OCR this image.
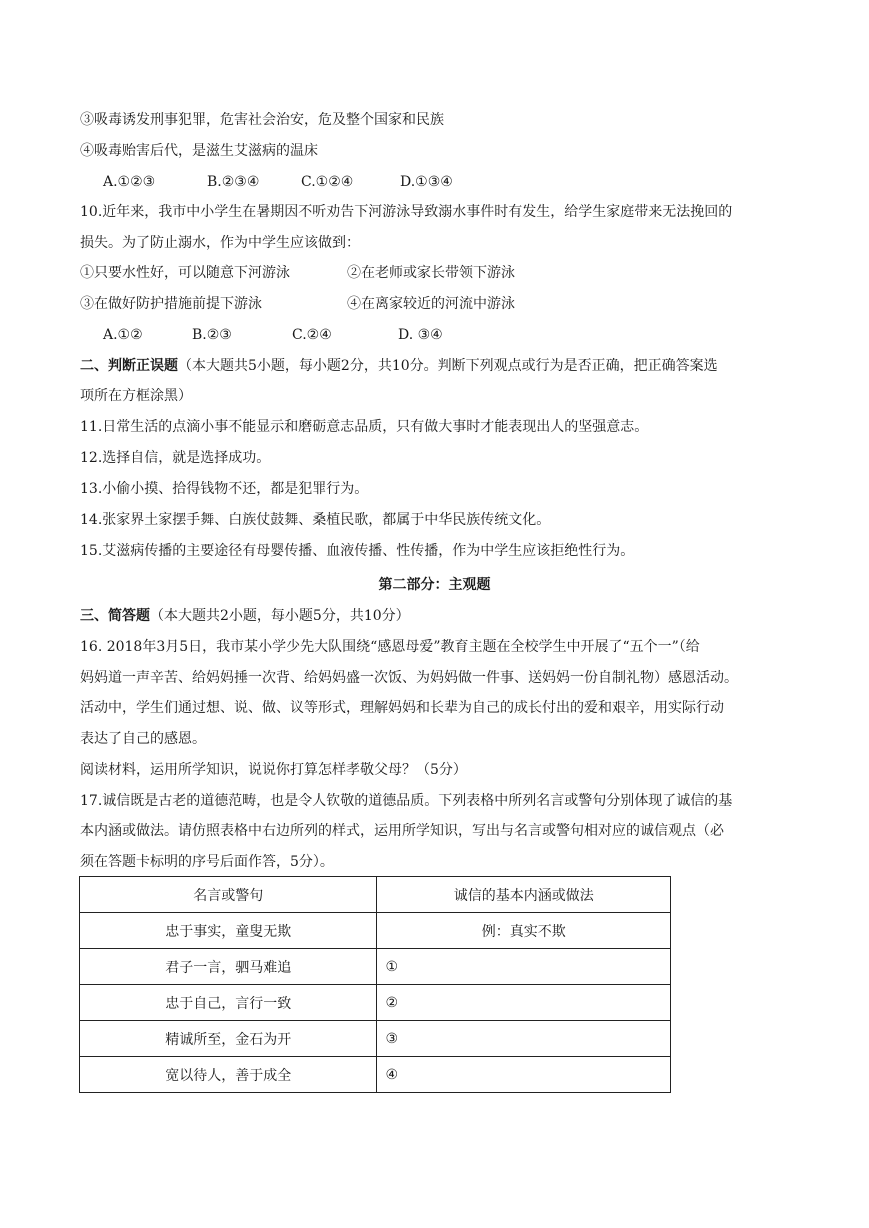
③吸毒诱发刑事犯罪，危害社会治安，危及整个国家和民族
④吸毒贻害后代，是滋生艾滋病的温床
A.①②③	B.②③④	C.①②④	D.①③④
10.近年来，我市中小学生在暑期因不听劝告下河游泳导致溺水事件时有发生，给学生家庭带来无法挽回的
损失。为了防止溺水，作为中学生应该做到：
①只要水性好，可以随意下河游泳	②在老师或家长带领下游泳
③在做好防护措施前提下游泳	④在离家较近的河流中游泳
A.①②	B.②③	C.②④	D. ③④
二、判断正误题（本大题共5小题，每小题2分，共10分。判断下列观点或行为是否正确，把正确答案选
项所在方框涂黑）
11.日常生活的点滴小事不能显示和磨砺意志品质，只有做大事时才能表现出人的坚强意志。
12.选择自信，就是选择成功。
13.小偷小摸、拾得钱物不还，都是犯罪行为。
14.张家界土家摆手舞、白族仗鼓舞、桑植民歌，都属于中华民族传统文化。
15.艾滋病传播的主要途径有母婴传播、血液传播、性传播，作为中学生应该拒绝性行为。
第二部分：主观题
三、简答题（本大题共2小题，每小题5分，共10分）
16. 2018年3月5日，我市某小学少先大队围绕“感恩母爱”教育主题在全校学生中开展了“五个一”（给
妈妈道一声辛苦、给妈妈捶一次背、给妈妈盛一次饭、为妈妈做一件事、送妈妈一份自制礼物）感恩活动。
活动中，学生们通过想、说、做、议等形式，理解妈妈和长辈为自己的成长付出的爱和艰辛，用实际行动
表达了自己的感恩。
阅读材料，运用所学知识，说说你打算怎样孝敬父母？（5分）
17.诚信既是古老的道德范畴，也是令人钦敬的道德品质。下列表格中所列名言或警句分别体现了诚信的基
本内涵或做法。请仿照表格中右边所列的样式，运用所学知识，写出与名言或警句相对应的诚信观点（必
须在答题卡标明的序号后面作答，5分）。
名言或警句	诚信的基本内涵或做法
忠于事实，童叟无欺	例：真实不欺
君子一言，驷马难追	①
忠于自己，言行一致	②
精诚所至，金石为开	③
宽以待人，善于成全	④
